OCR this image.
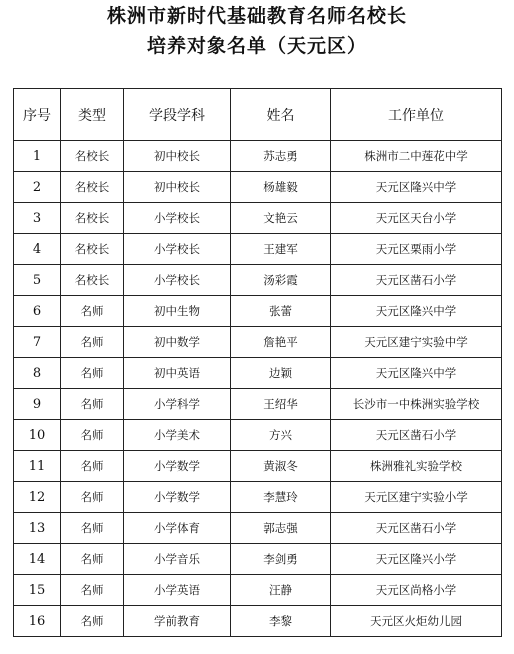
株洲市新时代基础教育名师名校长
培养对象名单（天元区）
序号	类型	学段学科	姓名	工作单位
1	名校长	初中校长	苏志勇	株洲市二中莲花中学
2	名校长	初中校长	杨雄毅	天元区隆兴中学
3	名校长	小学校长	文艳云	天元区天台小学
4	名校长	小学校长	王建军	天元区栗雨小学
5	名校长	小学校长	汤彩霞	天元区凿石小学
6	名师	初中生物	张蕾	天元区隆兴中学
7	名师	初中数学	詹艳平	天元区建宁实验中学
8	名师	初中英语	边颖	天元区隆兴中学
9	名师	小学科学	王绍华	长沙市一中株洲实验学校
10	名师	小学美术	方兴	天元区凿石小学
11	名师	小学数学	黄淑冬	株洲雅礼实验学校
12	名师	小学数学	李慧玲	天元区建宁实验小学
13	名师	小学体育	郭志强	天元区凿石小学
14	名师	小学音乐	李剑勇	天元区隆兴小学
15	名师	小学英语	汪静	天元区尚格小学
16	名师	学前教育	李黎	天元区火炬幼儿园
